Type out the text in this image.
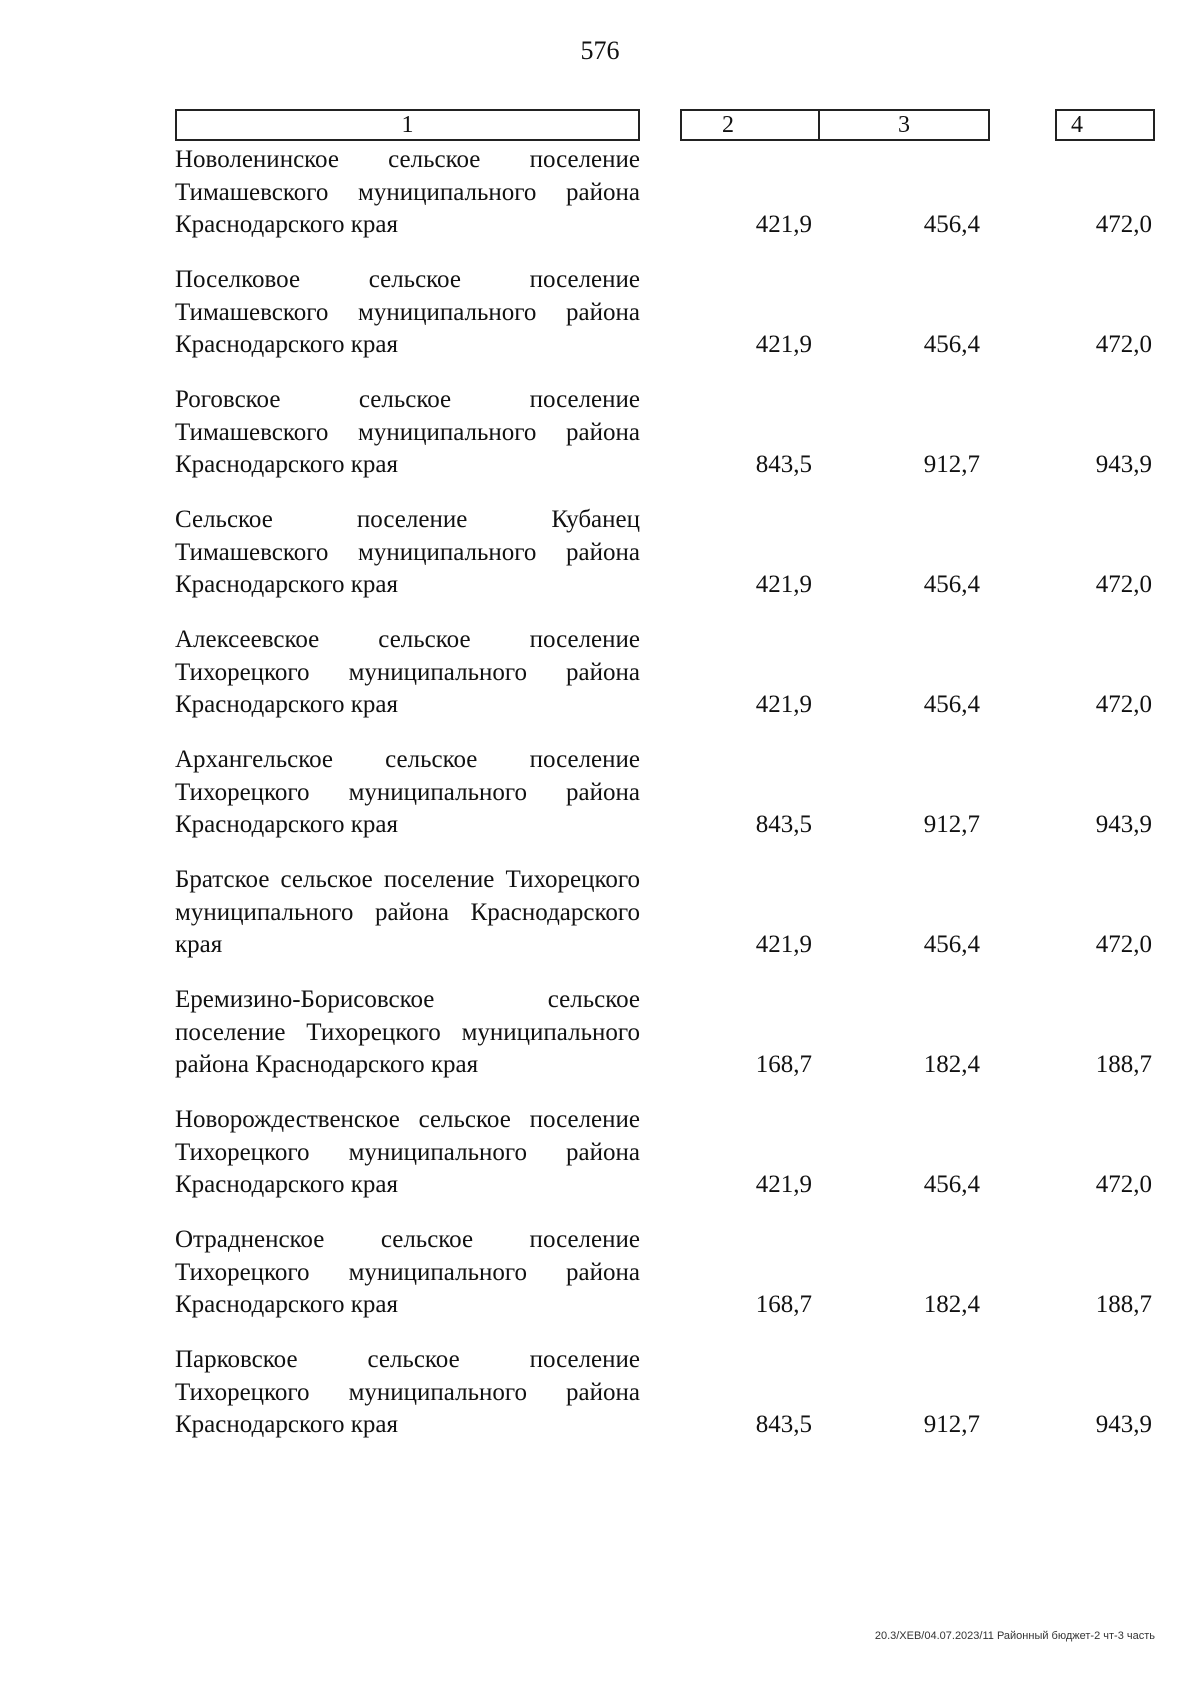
576
1	2	3	4
Новоленинское сельское поселение Тимашевского муниципального района Краснодарского края	421,9	456,4	472,0
Поселковое сельское поселение Тимашевского муниципального района Краснодарского края	421,9	456,4	472,0
Роговское сельское поселение Тимашевского муниципального района Краснодарского края	843,5	912,7	943,9
Сельское поселение Кубанец Тимашевского муниципального района Краснодарского края	421,9	456,4	472,0
Алексеевское сельское поселение Тихорецкого муниципального района Краснодарского края	421,9	456,4	472,0
Архангельское сельское поселение Тихорецкого муниципального района Краснодарского края	843,5	912,7	943,9
Братское сельское поселение Тихорецкого муниципального района Краснодарского края	421,9	456,4	472,0
Еремизино-Борисовское сельское поселение Тихорецкого муниципального района Краснодарского края	168,7	182,4	188,7
Новорождественское сельское поселение Тихорецкого муниципального района Краснодарского края	421,9	456,4	472,0
Отрадненское сельское поселение Тихорецкого муниципального района Краснодарского края	168,7	182,4	188,7
Парковское сельское поселение Тихорецкого муниципального района Краснодарского края	843,5	912,7	943,9
20.3/XEB/04.07.2023/11 Районный бюджет-2 чт-3 часть
